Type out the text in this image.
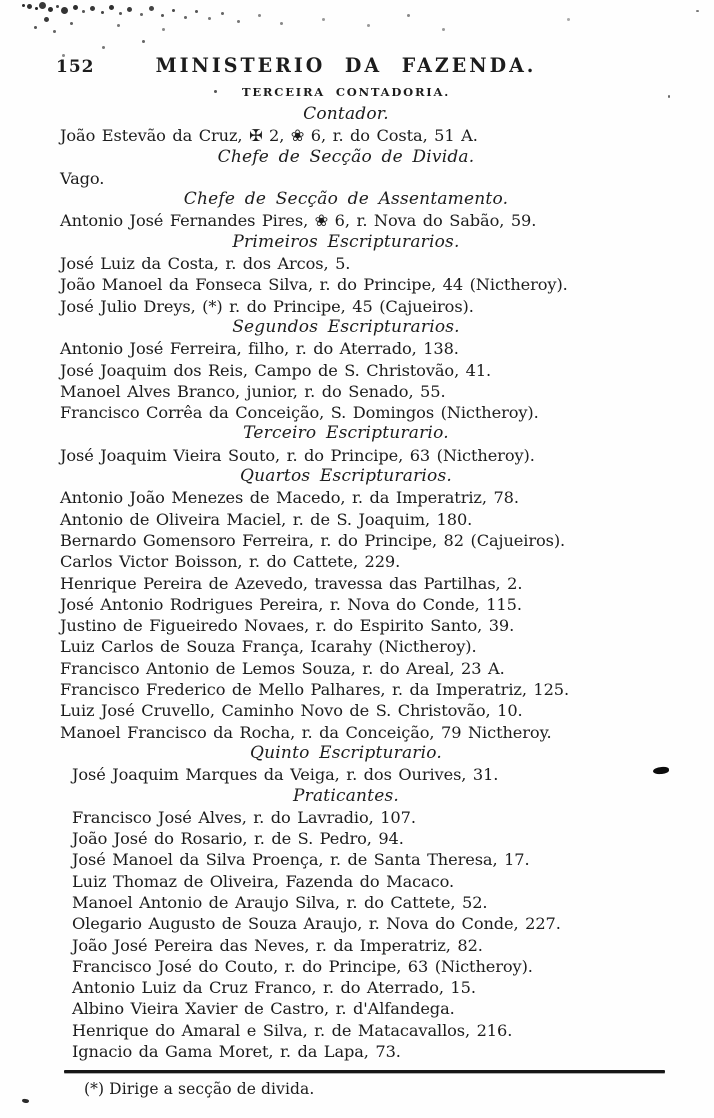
152	MINISTERIO DA FAZENDA.
TERCEIRA CONTADORIA.
Contador.
João Estevão da Cruz, ✠ 2, ❀ 6, r. do Costa, 51 A.
Chefe de Secção de Divida.
Vago.
Chefe de Secção de Assentamento.
Antonio José Fernandes Pires, ❀ 6, r. Nova do Sabão, 59.
Primeiros Escripturarios.
José Luiz da Costa, r. dos Arcos, 5.
João Manoel da Fonseca Silva, r. do Principe, 44 (Nictheroy).
José Julio Dreys, (*) r. do Principe, 45 (Cajueiros).
Segundos Escripturarios.
Antonio José Ferreira, filho, r. do Aterrado, 138.
José Joaquim dos Reis, Campo de S. Christovão, 41.
Manoel Alves Branco, junior, r. do Senado, 55.
Francisco Corrêa da Conceição, S. Domingos (Nictheroy).
Terceiro Escripturario.
José Joaquim Vieira Souto, r. do Principe, 63 (Nictheroy).
Quartos Escripturarios.
Antonio João Menezes de Macedo, r. da Imperatriz, 78.
Antonio de Oliveira Maciel, r. de S. Joaquim, 180.
Bernardo Gomensoro Ferreira, r. do Principe, 82 (Cajueiros).
Carlos Victor Boisson, r. do Cattete, 229.
Henrique Pereira de Azevedo, travessa das Partilhas, 2.
José Antonio Rodrigues Pereira, r. Nova do Conde, 115.
Justino de Figueiredo Novaes, r. do Espirito Santo, 39.
Luiz Carlos de Souza França, Icarahy (Nictheroy).
Francisco Antonio de Lemos Souza, r. do Areal, 23 A.
Francisco Frederico de Mello Palhares, r. da Imperatriz, 125.
Luiz José Cruvello, Caminho Novo de S. Christovão, 10.
Manoel Francisco da Rocha, r. da Conceição, 79 Nictheroy.
Quinto Escripturario.
José Joaquim Marques da Veiga, r. dos Ourives, 31.
Praticantes.
Francisco José Alves, r. do Lavradio, 107.
João José do Rosario, r. de S. Pedro, 94.
José Manoel da Silva Proença, r. de Santa Theresa, 17.
Luiz Thomaz de Oliveira, Fazenda do Macaco.
Manoel Antonio de Araujo Silva, r. do Cattete, 52.
Olegario Augusto de Souza Araujo, r. Nova do Conde, 227.
João José Pereira das Neves, r. da Imperatriz, 82.
Francisco José do Couto, r. do Principe, 63 (Nictheroy).
Antonio Luiz da Cruz Franco, r. do Aterrado, 15.
Albino Vieira Xavier de Castro, r. d'Alfandega.
Henrique do Amaral e Silva, r. de Matacavallos, 216.
Ignacio da Gama Moret, r. da Lapa, 73.
(*) Dirige a secção de divida.
